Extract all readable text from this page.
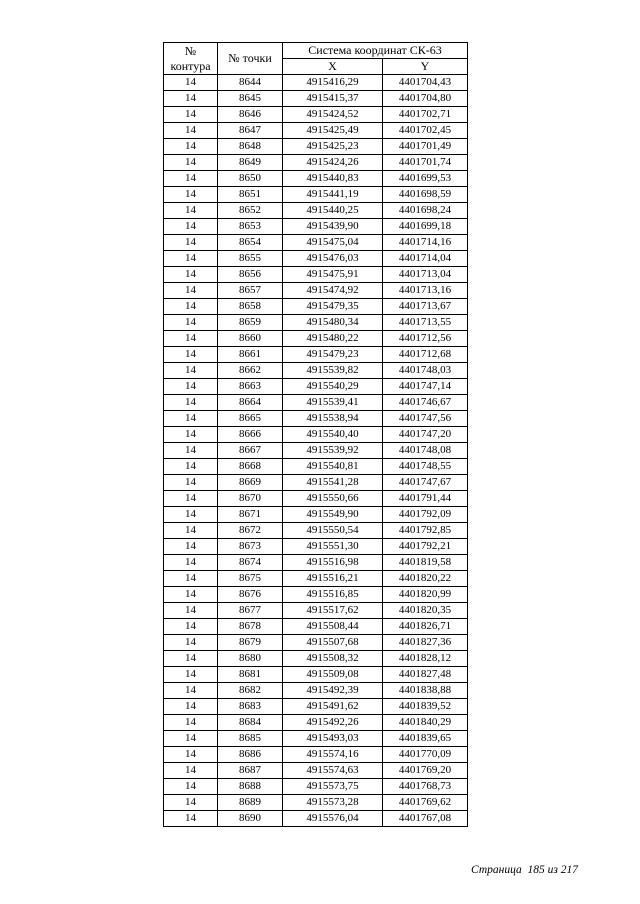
№
контура	№ точки	Система координат СК-63	
		X	Y
14	8644	4915416,29	4401704,43
14	8645	4915415,37	4401704,80
14	8646	4915424,52	4401702,71
14	8647	4915425,49	4401702,45
14	8648	4915425,23	4401701,49
14	8649	4915424,26	4401701,74
14	8650	4915440,83	4401699,53
14	8651	4915441,19	4401698,59
14	8652	4915440,25	4401698,24
14	8653	4915439,90	4401699,18
14	8654	4915475,04	4401714,16
14	8655	4915476,03	4401714,04
14	8656	4915475,91	4401713,04
14	8657	4915474,92	4401713,16
14	8658	4915479,35	4401713,67
14	8659	4915480,34	4401713,55
14	8660	4915480,22	4401712,56
14	8661	4915479,23	4401712,68
14	8662	4915539,82	4401748,03
14	8663	4915540,29	4401747,14
14	8664	4915539,41	4401746,67
14	8665	4915538,94	4401747,56
14	8666	4915540,40	4401747,20
14	8667	4915539,92	4401748,08
14	8668	4915540,81	4401748,55
14	8669	4915541,28	4401747,67
14	8670	4915550,66	4401791,44
14	8671	4915549,90	4401792,09
14	8672	4915550,54	4401792,85
14	8673	4915551,30	4401792,21
14	8674	4915516,98	4401819,58
14	8675	4915516,21	4401820,22
14	8676	4915516,85	4401820,99
14	8677	4915517,62	4401820,35
14	8678	4915508,44	4401826,71
14	8679	4915507,68	4401827,36
14	8680	4915508,32	4401828,12
14	8681	4915509,08	4401827,48
14	8682	4915492,39	4401838,88
14	8683	4915491,62	4401839,52
14	8684	4915492,26	4401840,29
14	8685	4915493,03	4401839,65
14	8686	4915574,16	4401770,09
14	8687	4915574,63	4401769,20
14	8688	4915573,75	4401768,73
14	8689	4915573,28	4401769,62
14	8690	4915576,04	4401767,08
Страница  185 из 217
